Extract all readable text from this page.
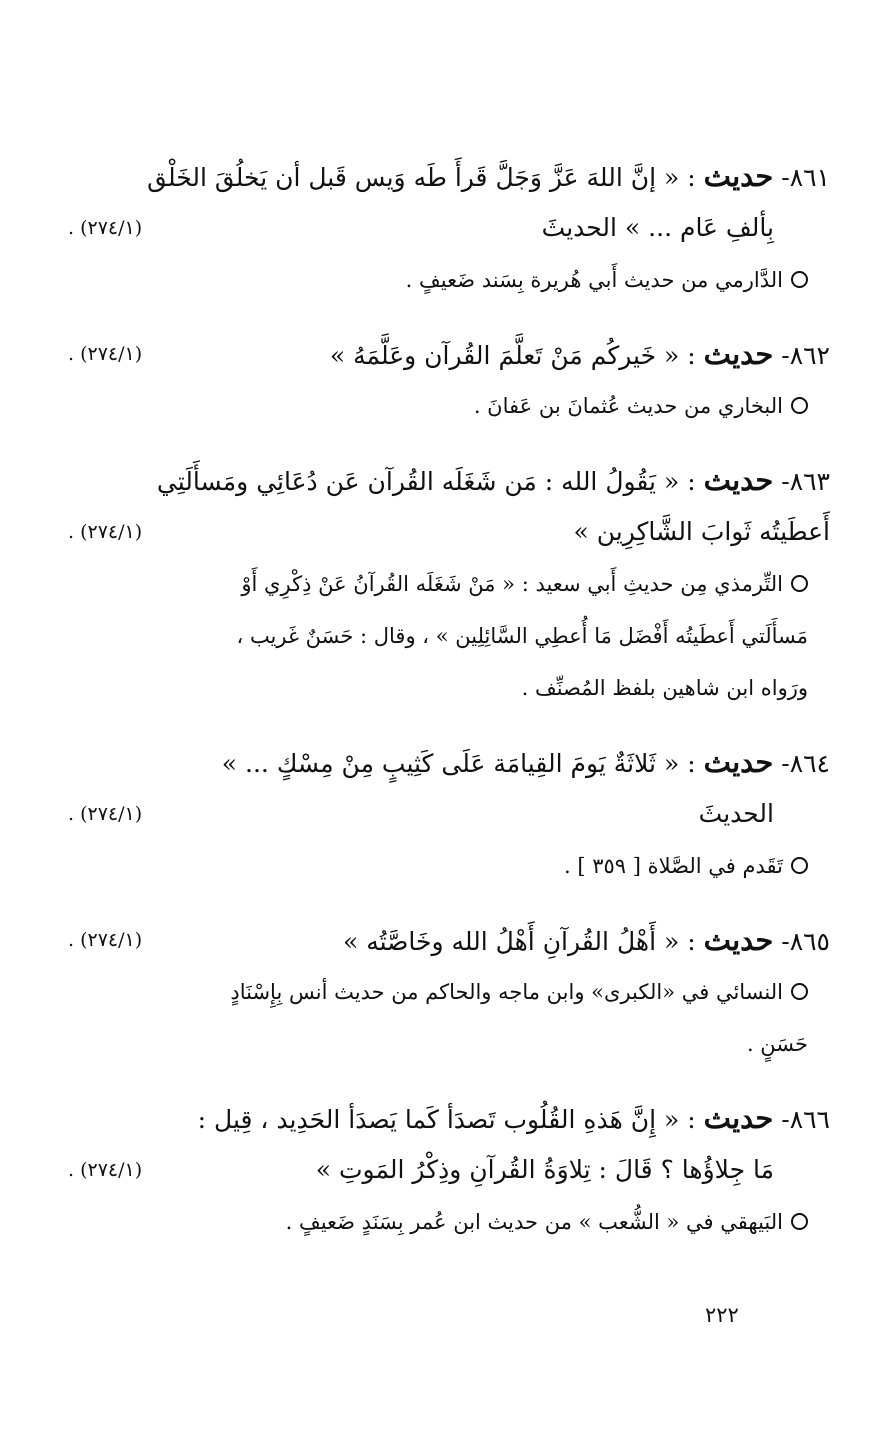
٨٦١- حديث : « إنَّ اللهَ عَزَّ وَجَلَّ قَرأَ طَه وَيس قَبل أن يَخلُقَ الخَلْق
بِألفِ عَام ... » الحديثَ
(٢٧٤/١) .
الدَّارمي من حديث أَبي هُريرة بِسَند ضَعيفٍ .
٨٦٢- حديث : « خَيركُم مَنْ تَعلَّمَ القُرآن وعَلَّمَهُ »
(٢٧٤/١) .
البخاري من حديث عُثمانَ بن عَفانَ .
٨٦٣- حديث : « يَقُولُ الله : مَن شَغَلَه القُرآن عَن دُعَائِي ومَسأَلَتِي
أَعطَيتُه ثَوابَ الشَّاكِرِين »
(٢٧٤/١) .
التِّرمذي مِن حديثِ أَبي سعيد : « مَنْ شَغَلَه القُرآنُ عَنْ ذِكْرِي أَوْ
مَسأَلَتي أَعطَيتُه أَفْضَل مَا أُعطِي السَّائِلِين » ، وقال : حَسَنٌ غَريب ،
ورَواه ابن شاهين بلفظ المُصنِّف .
٨٦٤- حديث : « ثَلاثَةٌ يَومَ القِيامَة عَلَى كَثِيبٍ مِنْ مِسْكٍ ... »
الحديثَ
(٢٧٤/١) .
تَقَدم في الصَّلاة [ ٣٥٩ ] .
٨٦٥- حديث : « أَهْلُ القُرآنِ أَهْلُ الله وخَاصَّتُه »
(٢٧٤/١) .
النسائي في «الكبرى» وابن ماجه والحاكم من حديث أنس بِإِسْنَادٍ
حَسَنٍ .
٨٦٦- حديث : « إِنَّ هَذهِ القُلُوب تَصدَأ كَما يَصدَأ الحَدِيد ، قِيل :
مَا جِلاؤُها ؟ قَالَ : تِلاوَةُ القُرآنِ وذِكْرُ المَوتِ »
(٢٧٤/١) .
البَيهقي في « الشُّعب » من حديث ابن عُمر بِسَنَدٍ ضَعيفٍ .
٢٢٢
